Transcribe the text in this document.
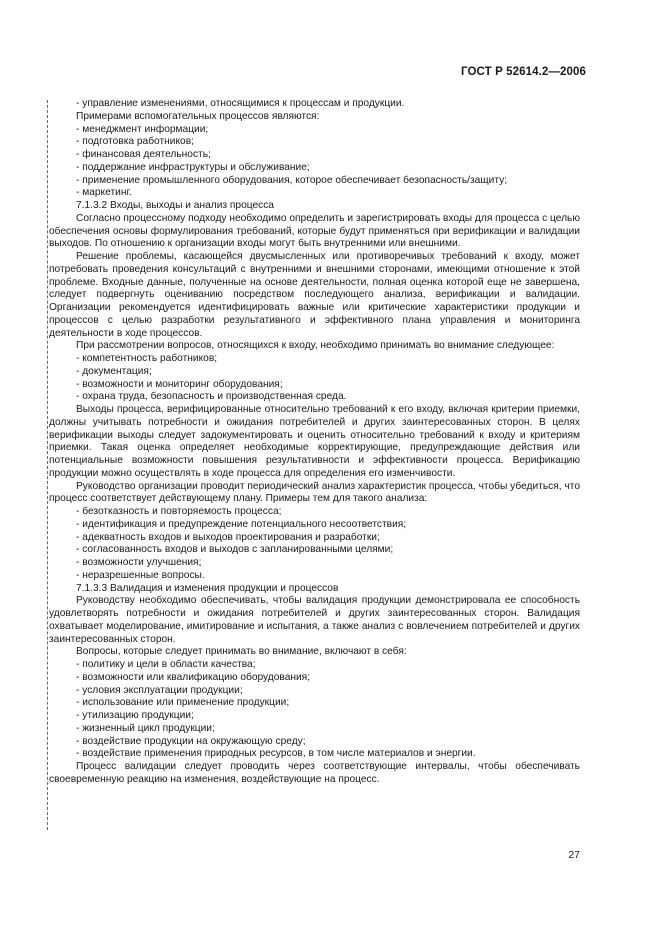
ГОСТ Р 52614.2—2006

- управление изменениями, относящимися к процессам и продукции.

Примерами вспомогательных процессов являются:

- менеджмент информации;

- подготовка работников;

- финансовая деятельность;

- поддержание инфраструктуры и обслуживание;

- применение промышленного оборудования, которое обеспечивает безопасность/защиту;

- маркетинг.

7.1.3.2 Входы, выходы и анализ процесса

Согласно процессному подходу необходимо определить и зарегистрировать входы для процесса с целью обеспечения основы формулирования требований, которые будут применяться при верификации и валидации выходов. По отношению к организации входы могут быть внутренними или внешними.

Решение проблемы, касающейся двусмысленных или противоречивых требований к входу, может потребовать проведения консультаций с внутренними и внешними сторонами, имеющими отношение к этой проблеме. Входные данные, полученные на основе деятельности, полная оценка которой еще не завершена, следует подвергнуть оцениванию посредством последующего анализа, верификации и валидации. Организации рекомендуется идентифицировать важные или критические характеристики продукции и процессов с целью разработки результативного и эффективного плана управления и мониторинга деятельности в ходе процессов.

При рассмотрении вопросов, относящихся к входу, необходимо принимать во внимание следующее:

- компетентность работников;

- документация;

- возможности и мониторинг оборудования;

- охрана труда, безопасность и производственная среда.

Выходы процесса, верифицированные относительно требований к его входу, включая критерии приемки, должны учитывать потребности и ожидания потребителей и других заинтересованных сторон. В целях верификации выходы следует задокументировать и оценить относительно требований к входу и критериям приемки. Такая оценка определяет необходимые корректирующие, предупреждающие действия или потенциальные возможности повышения результативности и эффективности процесса. Верификацию продукции можно осуществлять в ходе процесса для определения его изменчивости.

Руководство организации проводит периодический анализ характеристик процесса, чтобы убедиться, что процесс соответствует действующему плану. Примеры тем для такого анализа:

- безотказность и повторяемость процесса;

- идентификация и предупреждение потенциального несоответствия;

- адекватность входов и выходов проектирования и разработки;

- согласованность входов и выходов с запланированными целями;

- возможности улучшения;

- неразрешенные вопросы.

7.1.3.3 Валидация и изменения продукции и процессов

Руководству необходимо обеспечивать, чтобы валидация продукции демонстрировала ее способность удовлетворять потребности и ожидания потребителей и других заинтересованных сторон. Валидация охватывает моделирование, имитирование и испытания, а также анализ с вовлечением потребителей и других заинтересованных сторон.

Вопросы, которые следует принимать во внимание, включают в себя:

- политику и цели в области качества;

- возможности или квалификацию оборудования;

- условия эксплуатации продукции;

- использование или применение продукции;

- утилизацию продукции;

- жизненный цикл продукции;

- воздействие продукции на окружающую среду;

- воздействие применения природных ресурсов, в том числе материалов и энергии.

Процесс валидации следует проводить через соответствующие интервалы, чтобы обеспечивать своевременную реакцию на изменения, воздействующие на процесс.

27
